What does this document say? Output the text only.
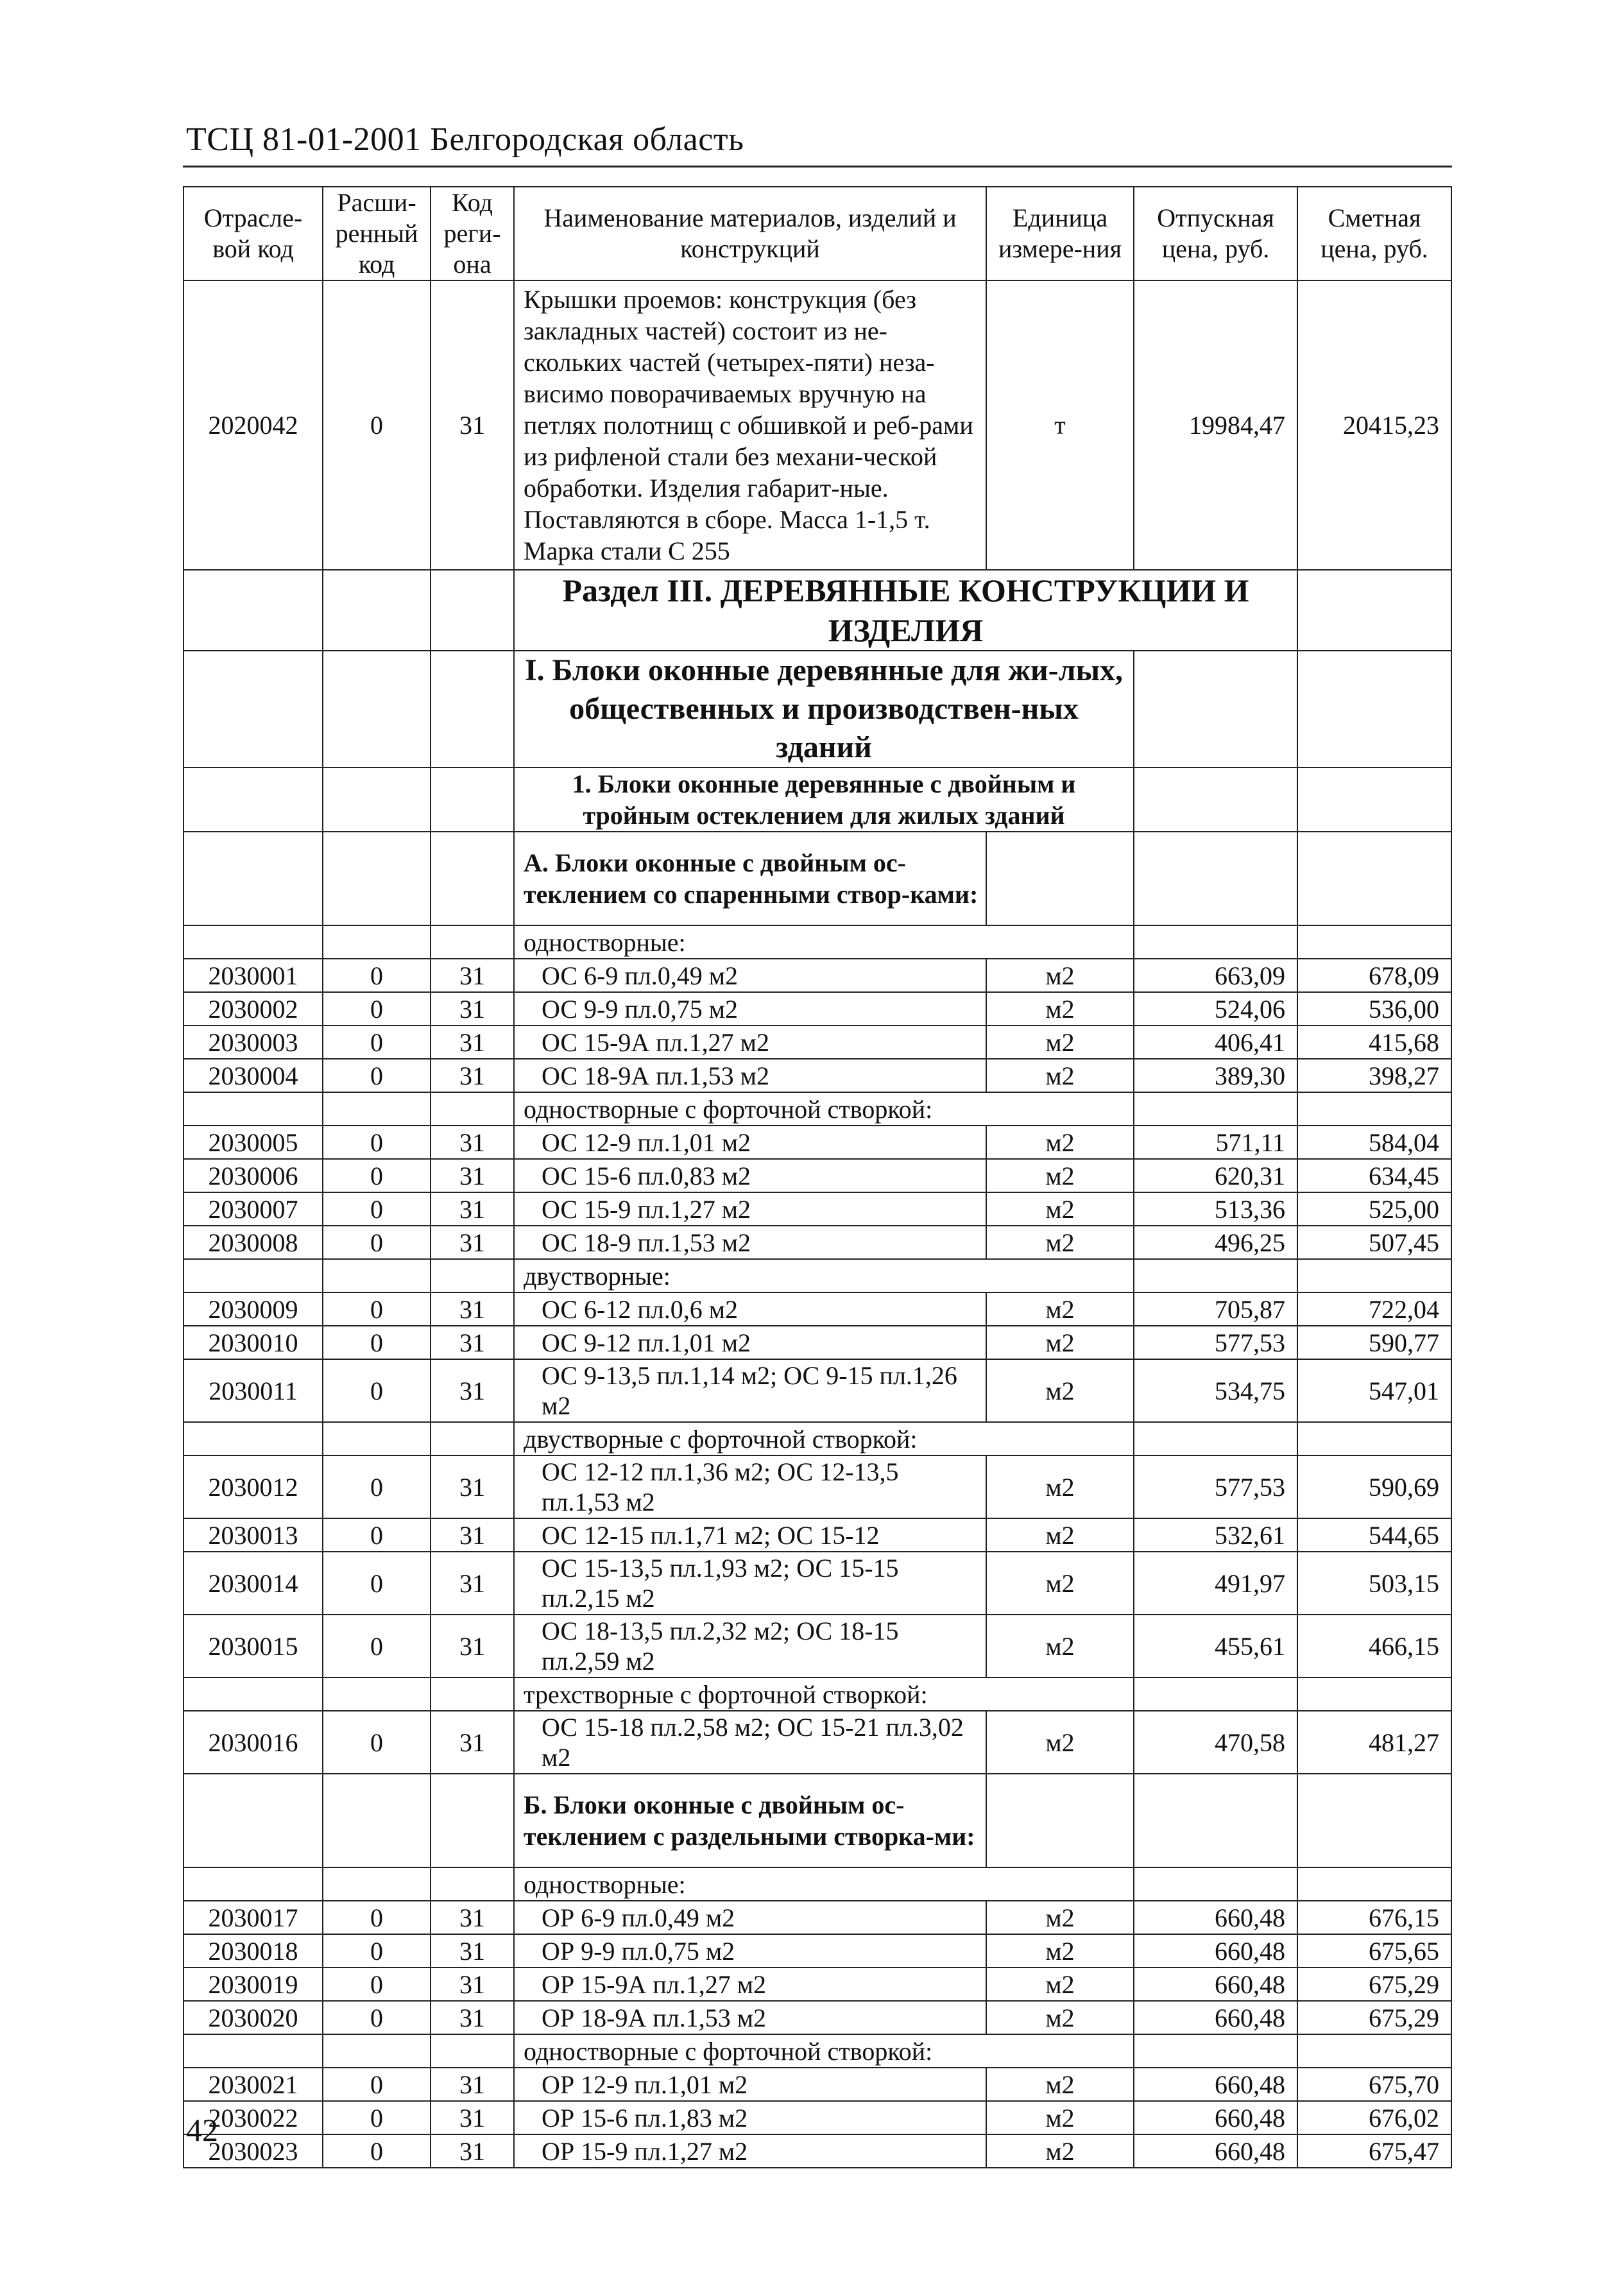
ТСЦ 81-01-2001 Белгородская область
Отрасле-вой код	Расши-ренный код	Код реги-она	Наименование материалов, изделий и конструкций	Единица измере-ния	Отпускная цена, руб.	Сметная цена, руб.
2020042	0	31	Крышки проемов: конструкция (без закладных частей) состоит из не-скольких частей (четырех-пяти) неза-висимо поворачиваемых вручную на петлях полотнищ с обшивкой и реб-рами из рифленой стали без механи-ческой обработки. Изделия габарит-ные. Поставляются в сборе. Масса 1-1,5 т. Марка стали С 255	т	19984,47	20415,23
			Раздел III. ДЕРЕВЯННЫЕ КОНСТРУКЦИИ И ИЗДЕЛИЯ			
			I. Блоки оконные деревянные для жи-лых, общественных и производствен-ных зданий			
			1. Блоки оконные деревянные с двойным и тройным остеклением для жилых зданий			
			А. Блоки оконные с двойным ос-теклением со спаренными створ-ками:			
			одностворные:			
2030001	0	31	ОС 6-9 пл.0,49 м2	м2	663,09	678,09
2030002	0	31	ОС 9-9 пл.0,75 м2	м2	524,06	536,00
2030003	0	31	ОС 15-9А пл.1,27 м2	м2	406,41	415,68
2030004	0	31	ОС 18-9А пл.1,53 м2	м2	389,30	398,27
			одностворные с форточной створкой:			
2030005	0	31	ОС 12-9 пл.1,01 м2	м2	571,11	584,04
2030006	0	31	ОС 15-6 пл.0,83 м2	м2	620,31	634,45
2030007	0	31	ОС 15-9 пл.1,27 м2	м2	513,36	525,00
2030008	0	31	ОС 18-9 пл.1,53 м2	м2	496,25	507,45
			двустворные:			
2030009	0	31	ОС 6-12 пл.0,6 м2	м2	705,87	722,04
2030010	0	31	ОС 9-12 пл.1,01 м2	м2	577,53	590,77
2030011	0	31	ОС 9-13,5 пл.1,14 м2; ОС 9-15 пл.1,26 м2	м2	534,75	547,01
			двустворные с форточной створкой:			
2030012	0	31	ОС 12-12 пл.1,36 м2; ОС 12-13,5 пл.1,53 м2	м2	577,53	590,69
2030013	0	31	ОС 12-15 пл.1,71 м2; ОС 15-12	м2	532,61	544,65
2030014	0	31	ОС 15-13,5 пл.1,93 м2; ОС 15-15 пл.2,15 м2	м2	491,97	503,15
2030015	0	31	ОС 18-13,5 пл.2,32 м2; ОС 18-15 пл.2,59 м2	м2	455,61	466,15
			трехстворные с форточной створкой:			
2030016	0	31	ОС 15-18 пл.2,58 м2; ОС 15-21 пл.3,02 м2	м2	470,58	481,27
			Б. Блоки оконные с двойным ос-теклением с раздельными створка-ми:			
			одностворные:			
2030017	0	31	ОР 6-9 пл.0,49 м2	м2	660,48	676,15
2030018	0	31	ОР 9-9 пл.0,75 м2	м2	660,48	675,65
2030019	0	31	ОР 15-9А пл.1,27 м2	м2	660,48	675,29
2030020	0	31	ОР 18-9А пл.1,53 м2	м2	660,48	675,29
			одностворные с форточной створкой:			
2030021	0	31	ОР 12-9 пл.1,01 м2	м2	660,48	675,70
2030022	0	31	ОР 15-6 пл.1,83 м2	м2	660,48	676,02
2030023	0	31	ОР 15-9 пл.1,27 м2	м2	660,48	675,47
42
